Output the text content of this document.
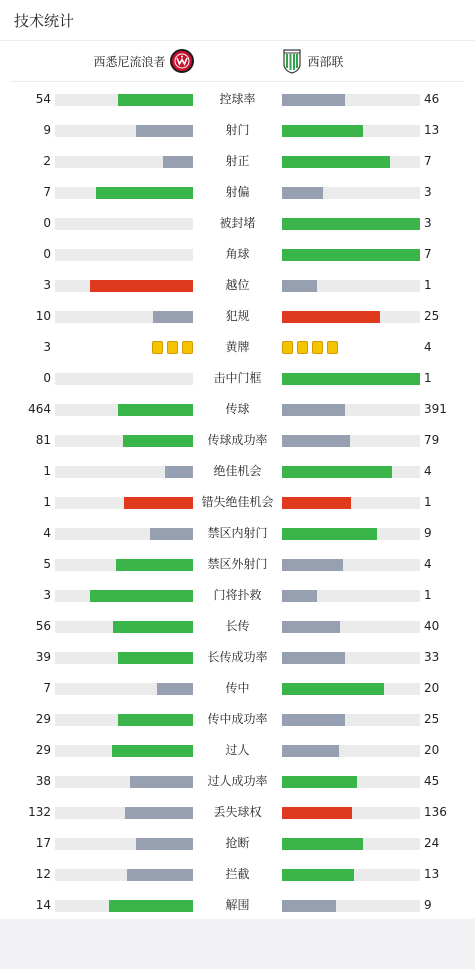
技术统计
西悉尼流浪者	西部联
54	控球率	46
9	射门	13
2	射正	7
7	射偏	3
0	被封堵	3
0	角球	7
3	越位	1
10	犯规	25
3	黄牌	4
0	击中门框	1
464	传球	391
81	传球成功率	79
1	绝佳机会	4
1	错失绝佳机会	1
4	禁区内射门	9
5	禁区外射门	4
3	门将扑救	1
56	长传	40
39	长传成功率	33
7	传中	20
29	传中成功率	25
29	过人	20
38	过人成功率	45
132	丢失球权	136
17	抢断	24
12	拦截	13
14	解围	9
